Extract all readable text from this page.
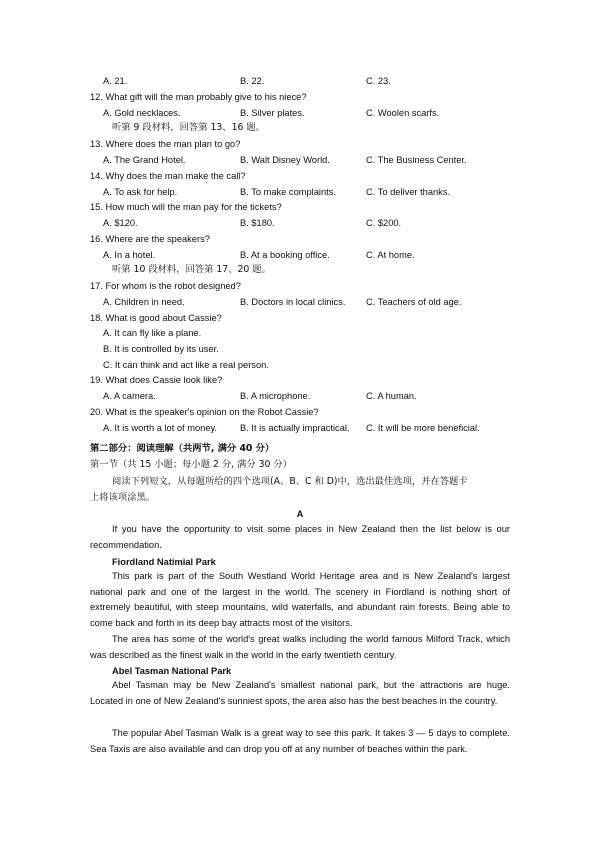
A. 21.	B. 22.	C. 23.
12. What gift will the man probably give to his niece?
A. Gold necklaces.	B. Silver plates.	C. Woolen scarfs.
听第 9 段材料，回答第 13、16 题。
13. Where does the man plan to go?
A. The Grand Hotel.	B. Walt Disney World.	C. The Business Center.
14. Why does the man make the call?
A. To ask for help.	B. To make complaints.	C. To deliver thanks.
15. How much will the man pay for the tickets?
A. $120.	B. $180.	C. $200.
16. Where are the speakers?
A. In a hotel.	B. At a booking office.	C. At home.
听第 10 段材料，回答第 17、20 题。
17. For whom is the robot designed?
A. Children in need.	B. Doctors in local clinics. C. Teachers of old age.
18. What is good about Cassie?
A. It can fly like a plane.
B. It is controlled by its user.
C. It can think and act like a real person.
19. What does Cassie look like?
A. A camera.	B. A microphone.	C. A human.
20. What is the speaker's opinion on the Robot Cassie?
A. It is worth a lot of money. B. It is actually impractical. C. It will be more beneficial.
第二部分：阅读理解（共两节, 满分 40 分）
第一节（共 15 小题；每小题 2 分, 满分 30 分）
阅读下列短文，从每题所给的四个选项(A、B、C 和 D)中，选出最佳选项，并在答题卡
上将该项涂黑。
A
If you have the opportunity to visit some places in New Zealand then the list below is our recommendation.
Fiordland Natimial Park
This park is part of the South Westland World Heritage area and is New Zealand's largest national park and one of the largest in the world. The scenery in Fiordland is nothing short of extremely beautiful, with steep mountains, wild waterfalls, and abundant rain forests. Being able to come back and forth in its deep bay attracts most of the visitors.
The area has some of the world's great walks including the world famous Milford Track, which was described as the finest walk in the world in the early twentieth century.
Abel Tasman National Park
Abel Tasman may be New Zealand's smallest national park, but the attractions are huge. Located in one of New Zealand's sunniest spots, the area also has the best beaches in the country.
The popular Abel Tasman Walk is a great way to see this park. It takes 3 — 5 days to complete. Sea Taxis are also available and can drop you off at any number of beaches within the park.
